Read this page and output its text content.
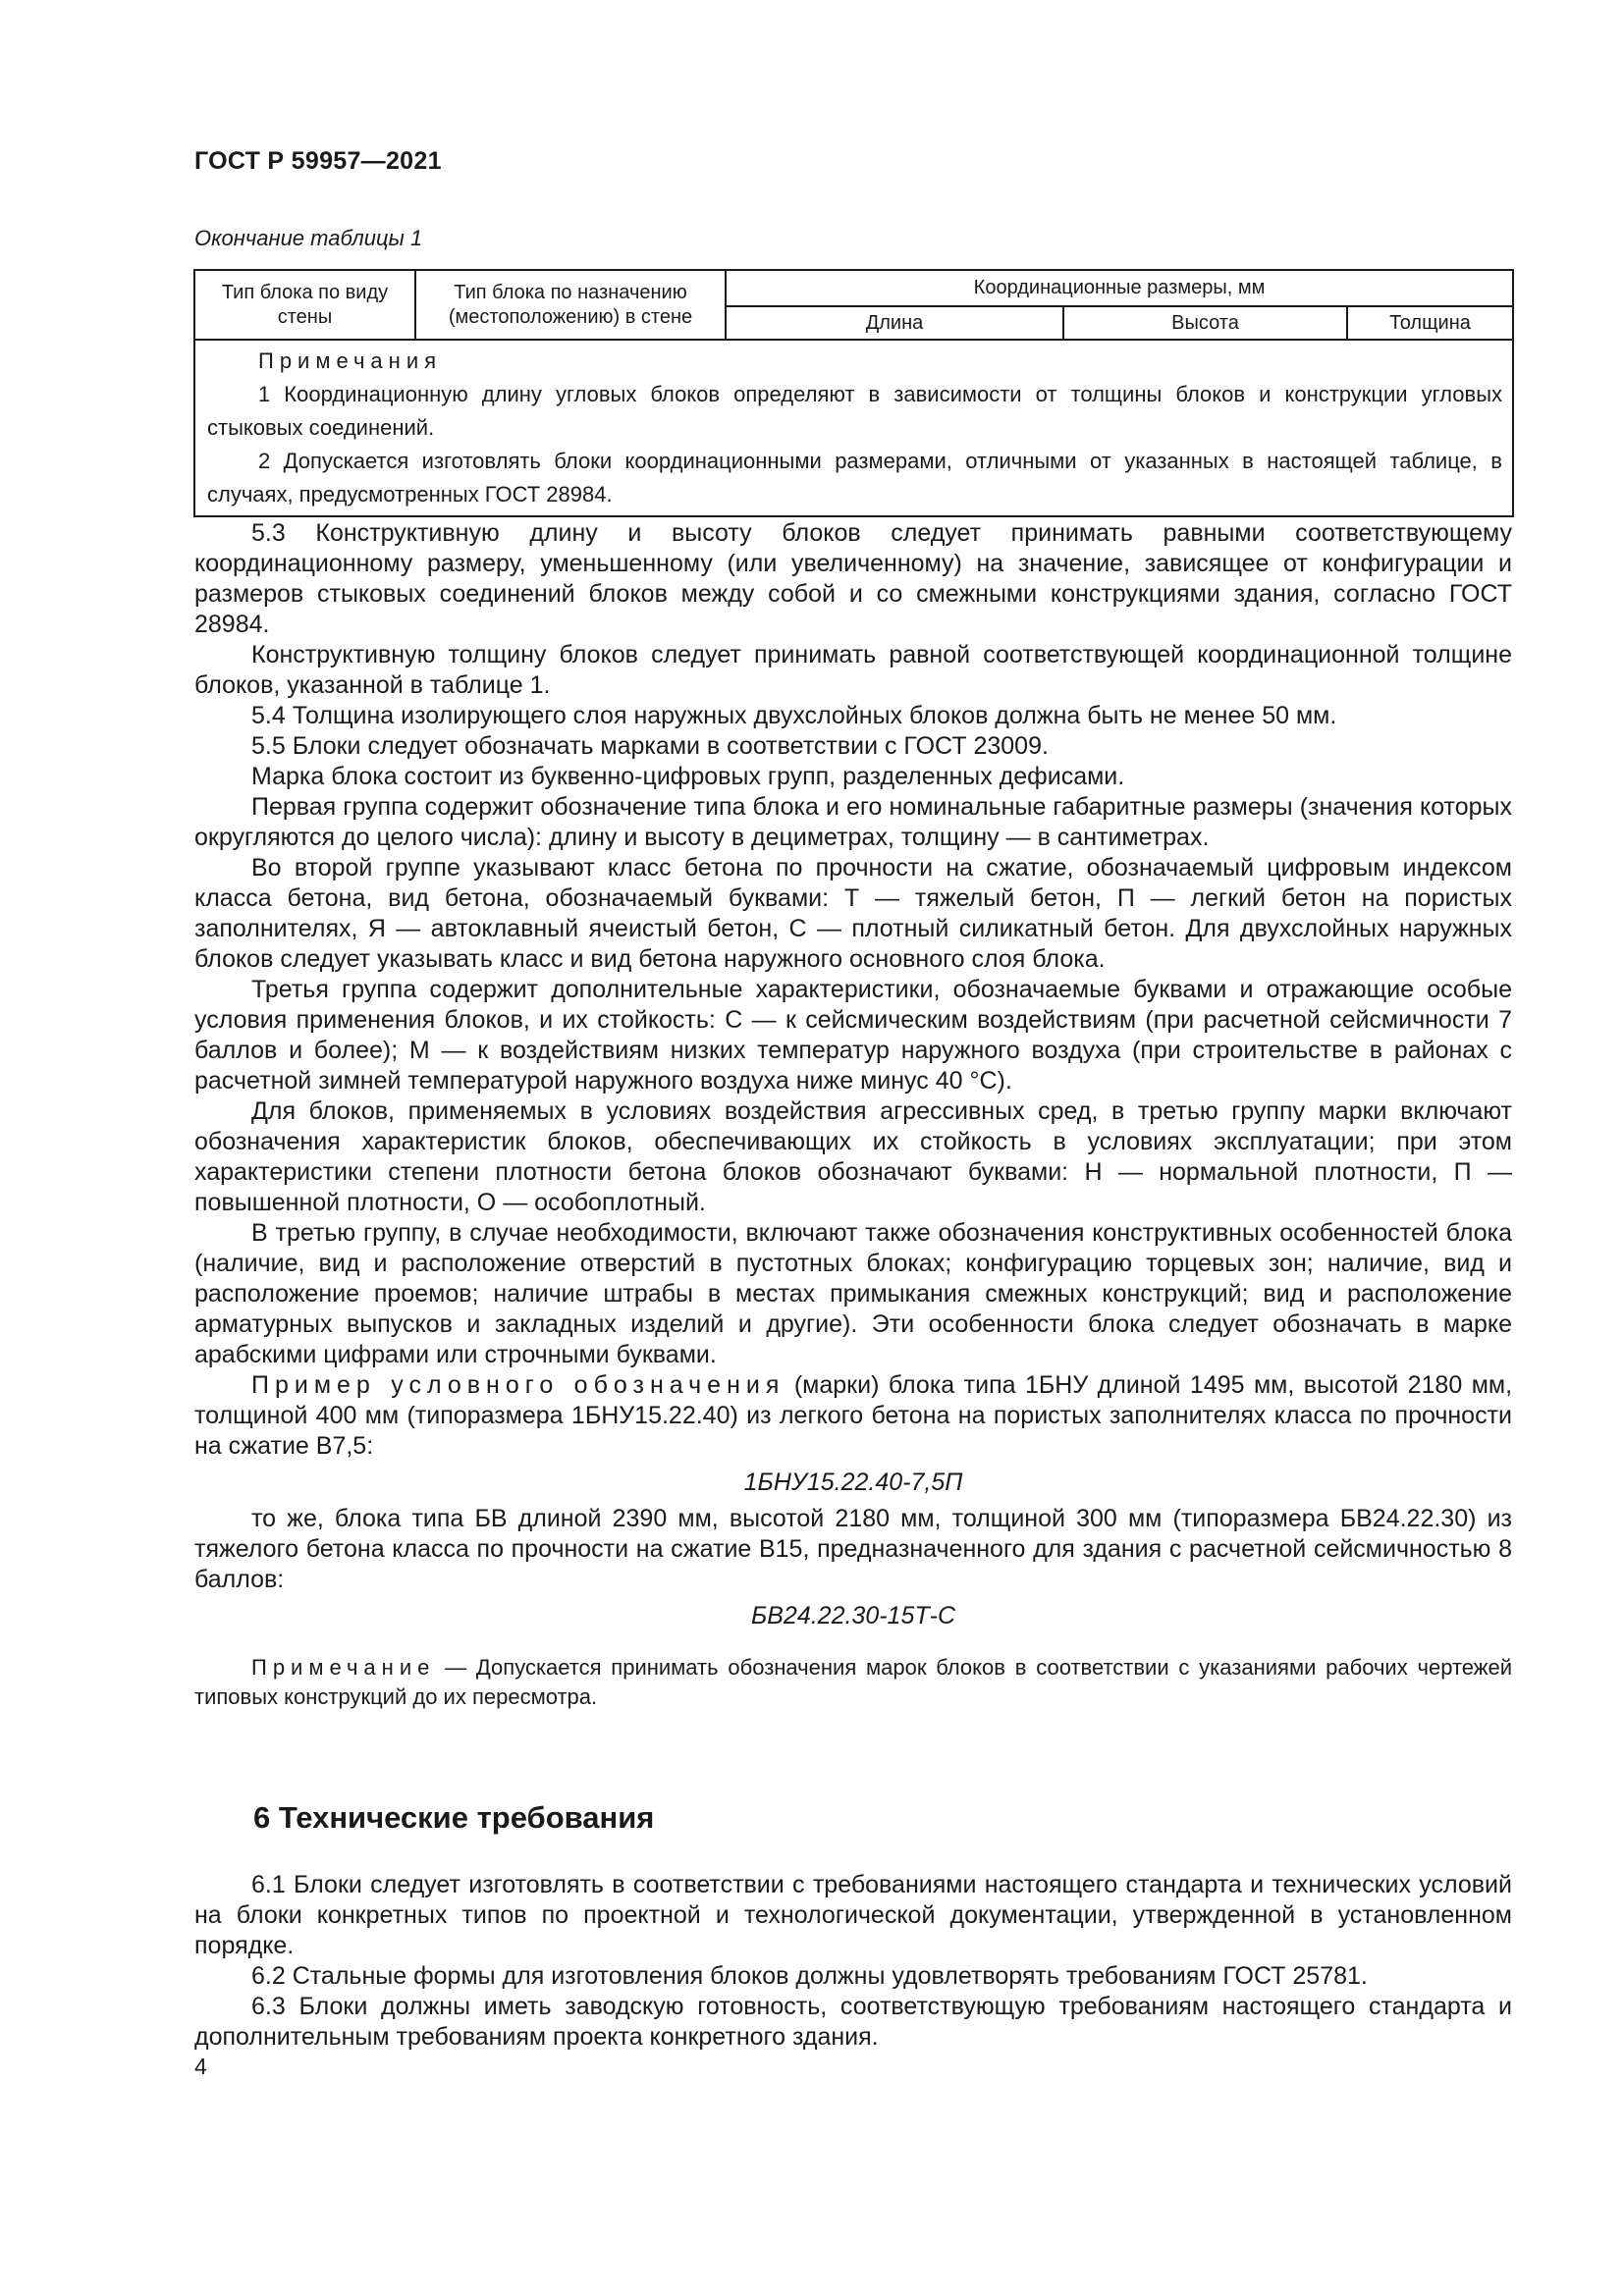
ГОСТ Р 59957—2021
Окончание таблицы 1
Тип блока по виду стены	Тип блока по назначению (местоположению) в стене	Координационные размеры, мм		
		Длина	Высота	Толщина

Примечания
1 Координационную длину угловых блоков определяют в зависимости от толщины блоков и конструкции угловых стыковых соединений.
2 Допускается изготовлять блоки координационными размерами, отличными от указанных в настоящей таблице, в случаях, предусмотренных ГОСТ 28984.				

5.3 Конструктивную длину и высоту блоков следует принимать равными соответствующему координационному размеру, уменьшенному (или увеличенному) на значение, зависящее от конфигурации и размеров стыковых соединений блоков между собой и со смежными конструкциями здания, согласно ГОСТ 28984.

Конструктивную толщину блоков следует принимать равной соответствующей координационной толщине блоков, указанной в таблице 1.

5.4 Толщина изолирующего слоя наружных двухслойных блоков должна быть не менее 50 мм.

5.5 Блоки следует обозначать марками в соответствии с ГОСТ 23009.

Марка блока состоит из буквенно-цифровых групп, разделенных дефисами.

Первая группа содержит обозначение типа блока и его номинальные габаритные размеры (значения которых округляются до целого числа): длину и высоту в дециметрах, толщину — в сантиметрах.

Во второй группе указывают класс бетона по прочности на сжатие, обозначаемый цифровым индексом класса бетона, вид бетона, обозначаемый буквами: Т — тяжелый бетон, П — легкий бетон на пористых заполнителях, Я — автоклавный ячеистый бетон, С — плотный силикатный бетон. Для двухслойных наружных блоков следует указывать класс и вид бетона наружного основного слоя блока.

Третья группа содержит дополнительные характеристики, обозначаемые буквами и отражающие особые условия применения блоков, и их стойкость: С — к сейсмическим воздействиям (при расчетной сейсмичности 7 баллов и более); М — к воздействиям низких температур наружного воздуха (при строительстве в районах с расчетной зимней температурой наружного воздуха ниже минус 40 °С).

Для блоков, применяемых в условиях воздействия агрессивных сред, в третью группу марки включают обозначения характеристик блоков, обеспечивающих их стойкость в условиях эксплуатации; при этом характеристики степени плотности бетона блоков обозначают буквами: Н — нормальной плотности, П — повышенной плотности, О — особоплотный.

В третью группу, в случае необходимости, включают также обозначения конструктивных особенностей блока (наличие, вид и расположение отверстий в пустотных блоках; конфигурацию торцевых зон; наличие, вид и расположение проемов; наличие штрабы в местах примыкания смежных конструкций; вид и расположение арматурных выпусков и закладных изделий и другие). Эти особенности блока следует обозначать в марке арабскими цифрами или строчными буквами.

Пример условного обозначения (марки) блока типа 1БНУ длиной 1495 мм, высотой 2180 мм, толщиной 400 мм (типоразмера 1БНУ15.22.40) из легкого бетона на пористых заполнителях класса по прочности на сжатие В7,5:

1БНУ15.22.40-7,5П

то же, блока типа БВ длиной 2390 мм, высотой 2180 мм, толщиной 300 мм (типоразмера БВ24.22.30) из тяжелого бетона класса по прочности на сжатие В15, предназначенного для здания с расчетной сейсмичностью 8 баллов:

БВ24.22.30-15Т-С

Примечание — Допускается принимать обозначения марок блоков в соответствии с указаниями рабочих чертежей типовых конструкций до их пересмотра.

6 Технические требования

6.1 Блоки следует изготовлять в соответствии с требованиями настоящего стандарта и технических условий на блоки конкретных типов по проектной и технологической документации, утвержденной в установленном порядке.

6.2 Стальные формы для изготовления блоков должны удовлетворять требованиям ГОСТ 25781.

6.3 Блоки должны иметь заводскую готовность, соответствующую требованиям настоящего стандарта и дополнительным требованиям проекта конкретного здания.

4
